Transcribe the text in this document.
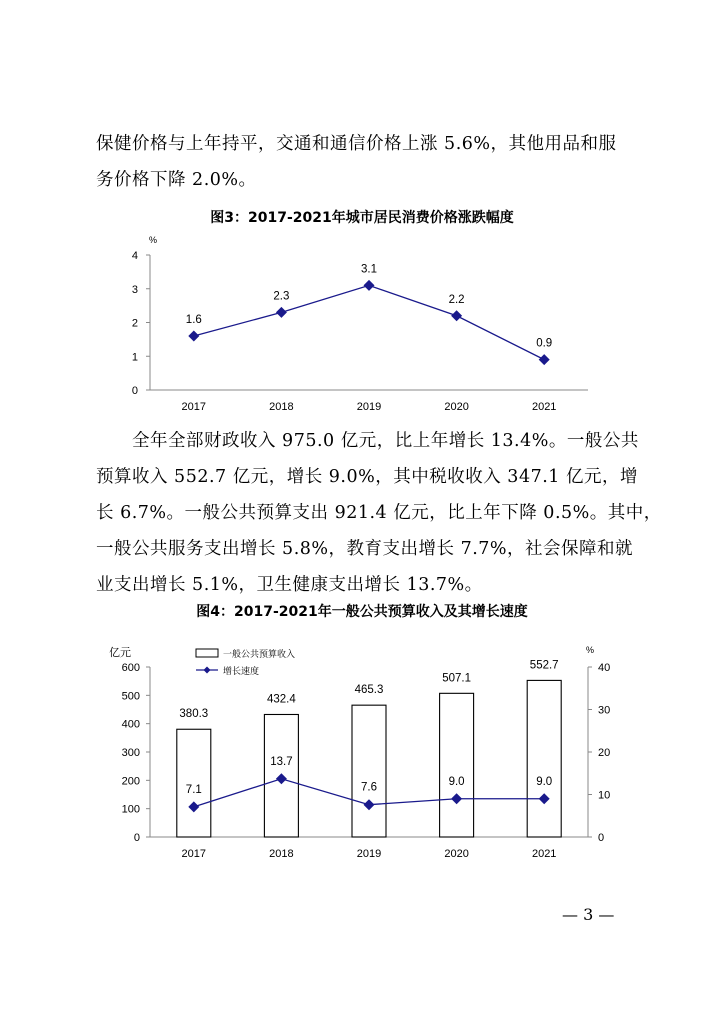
保健价格与上年持平，交通和通信价格上涨 5.6%，其他用品和服
务价格下降 2.0%。
图3：2017-2021年城市居民消费价格涨跌幅度
0
1
2
3
4
%
2017	2018	2019	2020	2021
1.6
2.3
3.1
2.2
0.9
全年全部财政收入 975.0 亿元，比上年增长 13.4%。一般公共
预算收入 552.7 亿元，增长 9.0%，其中税收收入 347.1 亿元，增
长 6.7%。一般公共预算支出 921.4 亿元，比上年下降 0.5%。其中，
一般公共服务支出增长 5.8%，教育支出增长 7.7%，社会保障和就
业支出增长 5.1%，卫生健康支出增长 13.7%。
图4：2017-2021年一般公共预算收入及其增长速度
0
100
200
300
400
500
600
0
10
20
30
40
亿元	%
2017	2018	2019	2020	2021
380.3
432.4
465.3
507.1
552.7
7.1
13.7
7.6	9.0	9.0
一般公共预算收入
增长速度
— 3 —
